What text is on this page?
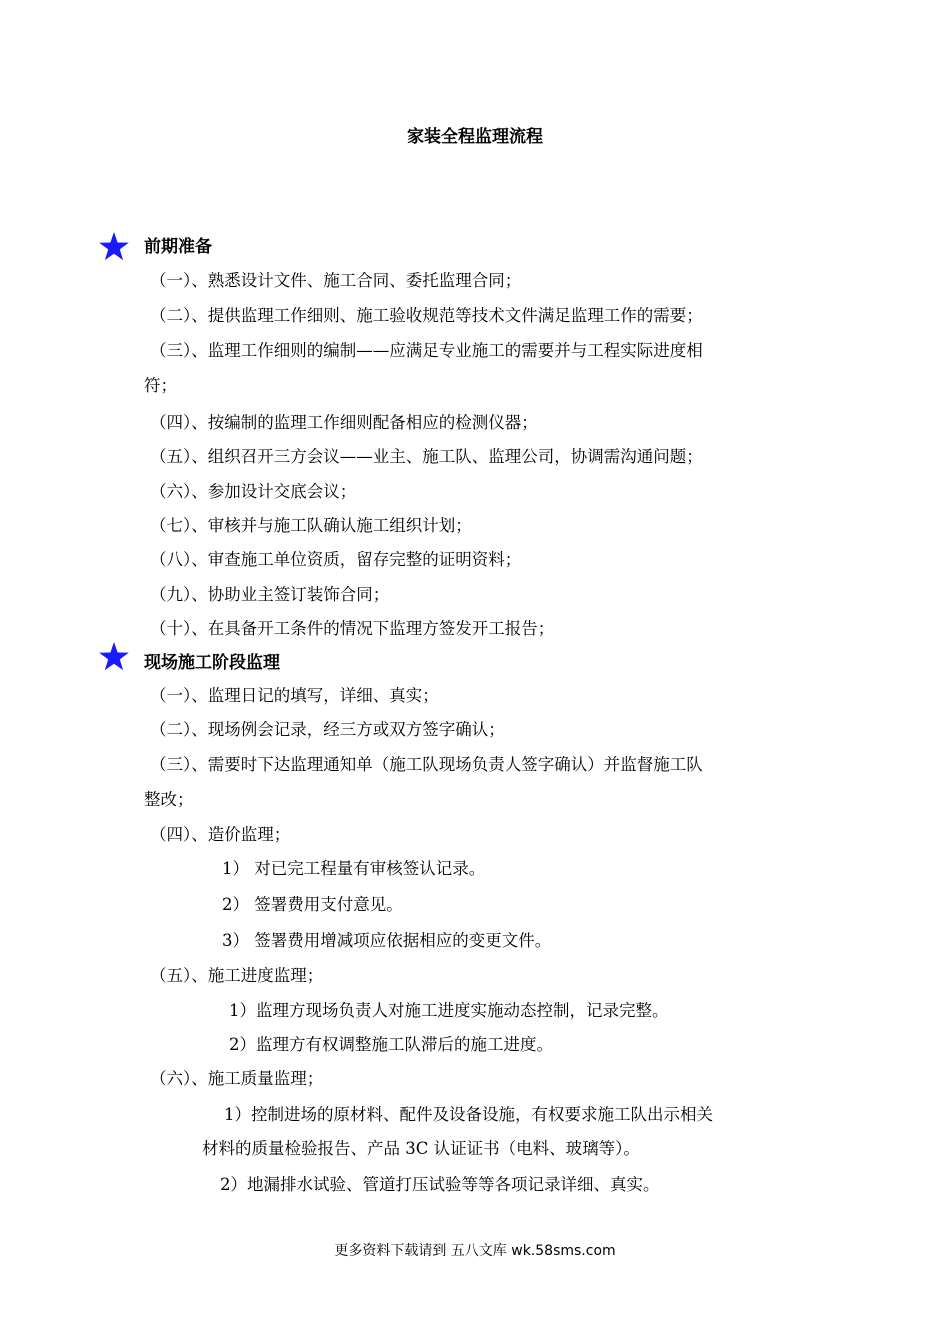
家装全程监理流程
前期准备
（一）、熟悉设计文件、施工合同、委托监理合同；
（二）、提供监理工作细则、施工验收规范等技术文件满足监理工作的需要；
（三）、监理工作细则的编制——应满足专业施工的需要并与工程实际进度相
符；
（四）、按编制的监理工作细则配备相应的检测仪器；
（五）、组织召开三方会议——业主、施工队、监理公司，协调需沟通问题；
（六）、参加设计交底会议；
（七）、审核并与施工队确认施工组织计划；
（八）、审查施工单位资质，留存完整的证明资料；
（九）、协助业主签订装饰合同；
（十）、在具备开工条件的情况下监理方签发开工报告；
现场施工阶段监理
（一）、监理日记的填写，详细、真实；
（二）、现场例会记录，经三方或双方签字确认；
（三）、需要时下达监理通知单（施工队现场负责人签字确认）并监督施工队
整改；
（四）、造价监理；
1） 对已完工程量有审核签认记录。
2） 签署费用支付意见。
3） 签署费用增减项应依据相应的变更文件。
（五）、施工进度监理；
1）监理方现场负责人对施工进度实施动态控制，记录完整。
2）监理方有权调整施工队滞后的施工进度。
（六）、施工质量监理；
1）控制进场的原材料、配件及设备设施，有权要求施工队出示相关
材料的质量检验报告、产品 3C 认证证书（电料、玻璃等）。
2）地漏排水试验、管道打压试验等等各项记录详细、真实。
更多资料下载请到 五八文库 wk.58sms.com
